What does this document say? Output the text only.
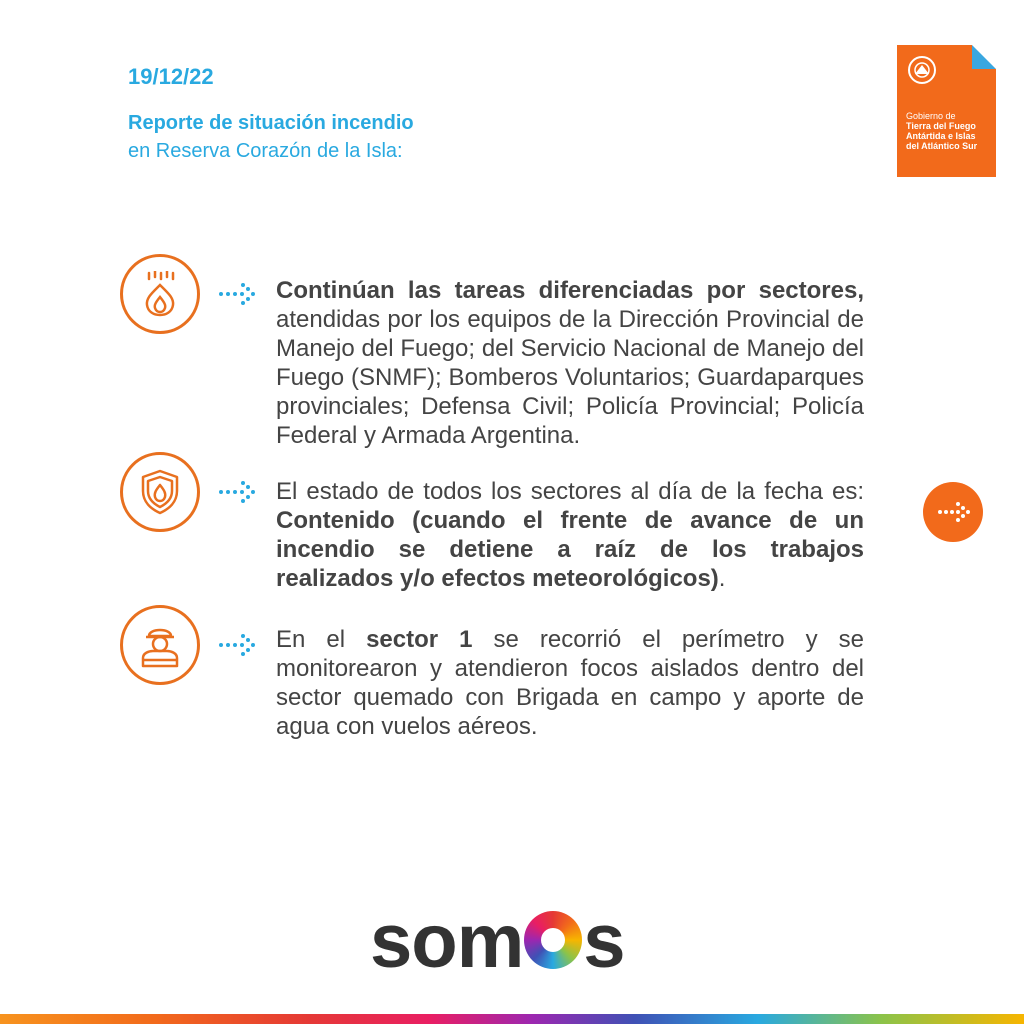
19/12/22
Reporte de situación incendio
en Reserva Corazón de la Isla:
Gobierno de
Tierra del Fuego
Antártida e Islas
del Atlántico Sur
Continúan las tareas diferenciadas por sectores, atendidas por los equipos de la Dirección Provincial de Manejo del Fuego; del Servicio Nacional de Manejo del Fuego (SNMF); Bomberos Voluntarios; Guardaparques provinciales; Defensa Civil; Policía Provincial; Policía Federal y Armada Argentina.
El estado de todos los sectores al día de la fecha es: Contenido (cuando el frente de avance de un incendio se detiene a raíz de los trabajos realizados y/o efectos meteorológicos).
En el sector 1 se recorrió el perímetro y se monitorearon y atendieron focos aislados dentro del sector quemado con Brigada en campo y aporte de agua con vuelos aéreos.
som s
